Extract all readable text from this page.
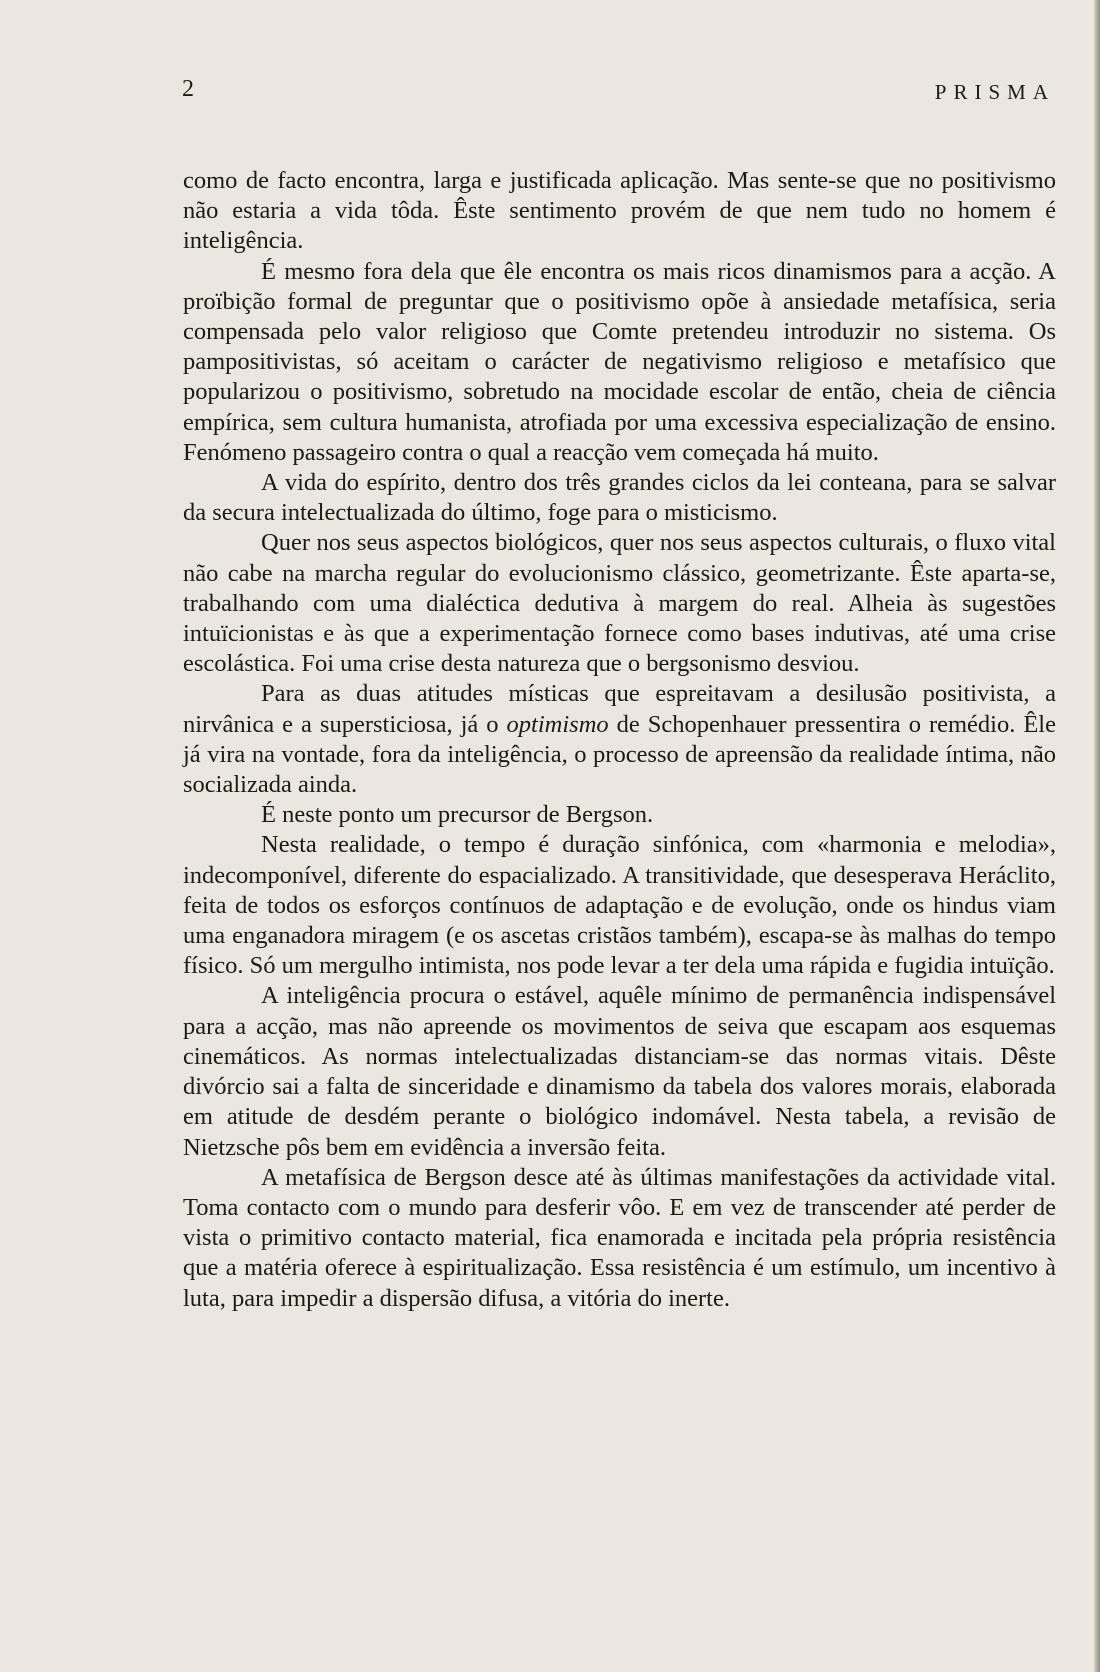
2	PRISMA

como de facto encontra, larga e justificada aplicação. Mas sente-se que no positivismo não estaria a vida tôda. Êste sentimento provém de que nem tudo no homem é inteligência.

É mesmo fora dela que êle encontra os mais ricos dinamismos para a acção. A proïbição formal de preguntar que o positivismo opõe à ansiedade metafísica, seria compensada pelo valor religioso que Comte pretendeu introduzir no sistema. Os pampositivistas, só aceitam o carácter de negativismo religioso e metafísico que popularizou o positivismo, sobretudo na mocidade escolar de então, cheia de ciência empírica, sem cultura humanista, atrofiada por uma excessiva especialização de ensino. Fenómeno passageiro contra o qual a reacção vem começada há muito.

A vida do espírito, dentro dos três grandes ciclos da lei conteana, para se salvar da secura intelectualizada do último, foge para o misticismo.

Quer nos seus aspectos biológicos, quer nos seus aspectos culturais, o fluxo vital não cabe na marcha regular do evolucionismo clássico, geometrizante. Êste aparta-se, trabalhando com uma dialéctica dedutiva à margem do real. Alheia às sugestões intuïcionistas e às que a experimentação fornece como bases indutivas, até uma crise escolástica. Foi uma crise desta natureza que o bergsonismo desviou.

Para as duas atitudes místicas que espreitavam a desilusão positivista, a nirvânica e a supersticiosa, já o optimismo de Schopenhauer pressentira o remédio. Êle já vira na vontade, fora da inteligência, o processo de apreensão da realidade íntima, não socializada ainda.

É neste ponto um precursor de Bergson.

Nesta realidade, o tempo é duração sinfónica, com «harmonia e melodia», indecomponível, diferente do espacializado. A transitividade, que desesperava Heráclito, feita de todos os esforços contínuos de adaptação e de evolução, onde os hindus viam uma enganadora miragem (e os ascetas cristãos também), escapa-se às malhas do tempo físico. Só um mergulho intimista, nos pode levar a ter dela uma rápida e fugidia intuïção.

A inteligência procura o estável, aquêle mínimo de permanência indispensável para a acção, mas não apreende os movimentos de seiva que escapam aos esquemas cinemáticos. As normas intelectualizadas distanciam-se das normas vitais. Dêste divórcio sai a falta de sinceridade e dinamismo da tabela dos valores morais, elaborada em atitude de desdém perante o biológico indomável. Nesta tabela, a revisão de Nietzsche pôs bem em evidência a inversão feita.

A metafísica de Bergson desce até às últimas manifestações da actividade vital. Toma contacto com o mundo para desferir vôo. E em vez de transcender até perder de vista o primitivo contacto material, fica enamorada e incitada pela própria resistência que a matéria oferece à espiritualização. Essa resistência é um estímulo, um incentivo à luta, para impedir a dispersão difusa, a vitória do inerte.
